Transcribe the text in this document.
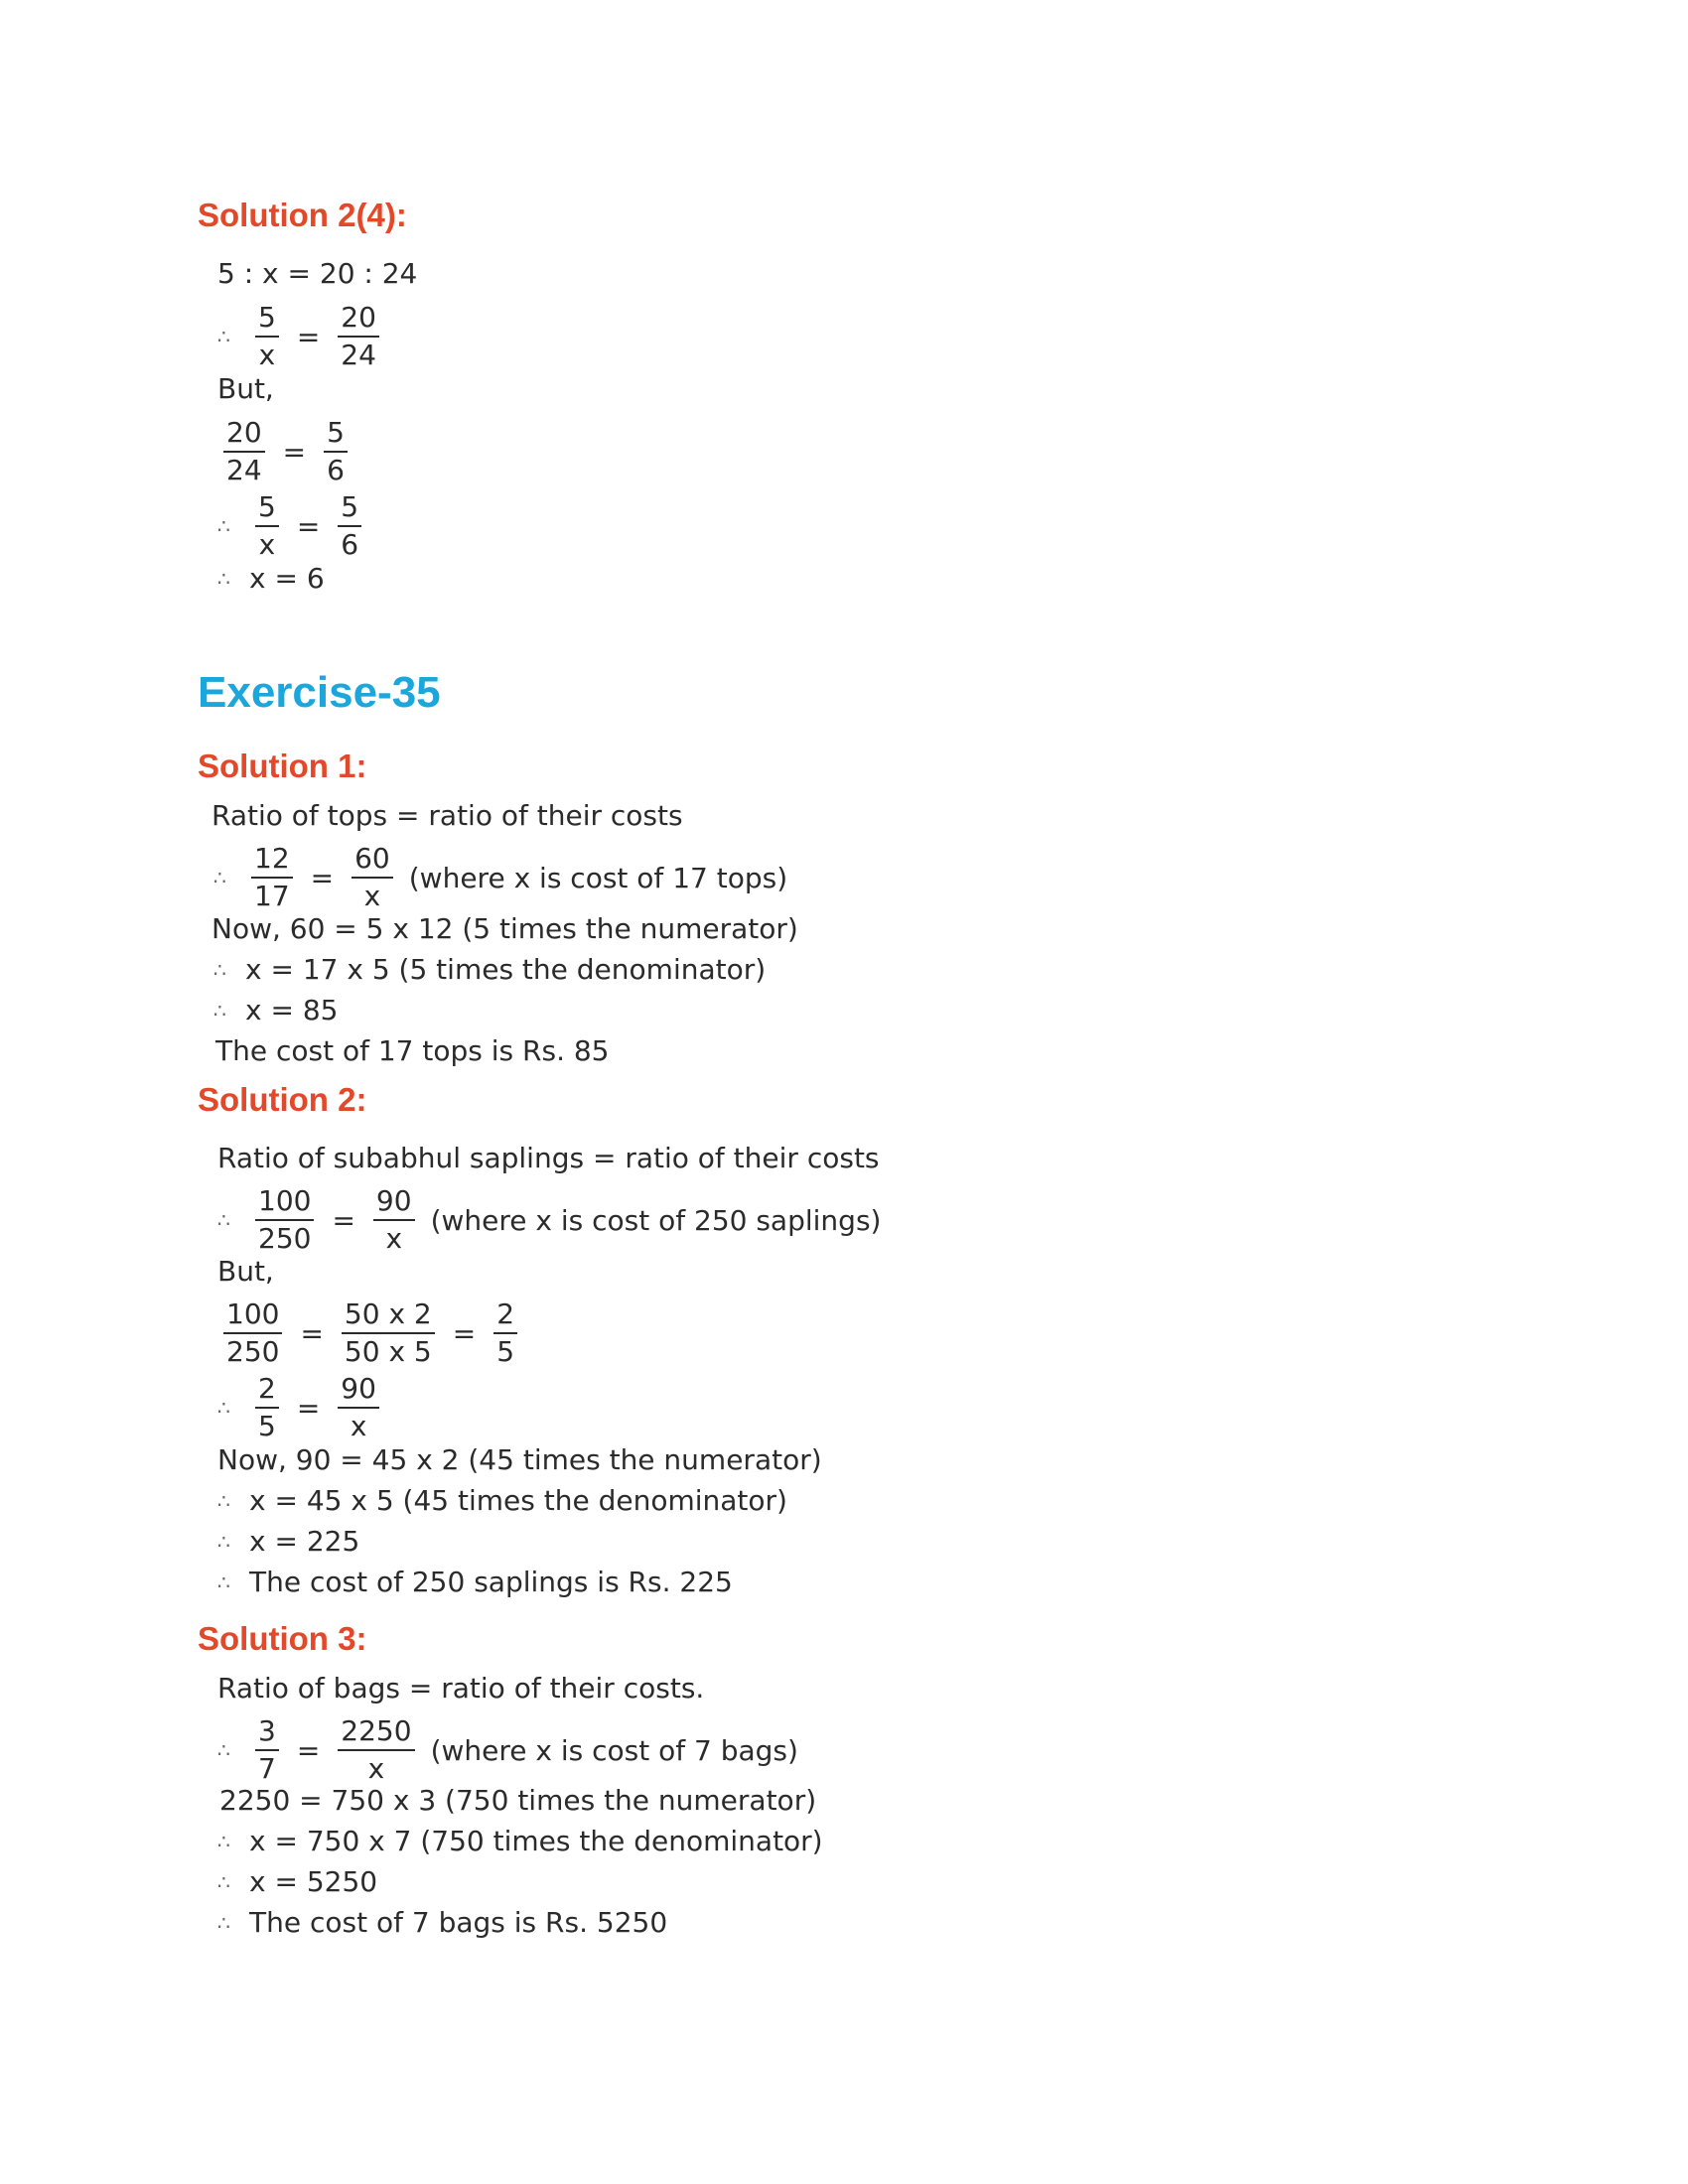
Solution 2(4):
5 : x = 20 : 24
∴ $\frac{5}{x} = \frac{20}{24}$
But,
$\frac{20}{24} = \frac{5}{6}$
∴ $\frac{5}{x} = \frac{5}{6}$
∴ x = 6
Exercise-35
Solution 1:
Ratio of tops = ratio of their costs
∴ $\frac{12}{17} = \frac{60}{x}$ (where x is cost of 17 tops)
Now, 60 = 5 x 12 (5 times the numerator)
∴ x = 17 x 5 (5 times the denominator)
∴ x = 85
The cost of 17 tops is Rs. 85
Solution 2:
Ratio of subabhul saplings = ratio of their costs
∴ $\frac{100}{250} = \frac{90}{x}$ (where x is cost of 250 saplings)
But,
$\frac{100}{250} = \frac{50 x 2}{50 x 5} = \frac{2}{5}$
∴ $\frac{2}{5} = \frac{90}{x}$
Now, 90 = 45 x 2 (45 times the numerator)
∴ x = 45 x 5 (45 times the denominator)
∴ x = 225
∴ The cost of 250 saplings is Rs. 225
Solution 3:
Ratio of bags = ratio of their costs.
∴ $\frac{3}{7} = \frac{2250}{x}$ (where x is cost of 7 bags)
2250 = 750 x 3 (750 times the numerator)
∴ x = 750 x 7 (750 times the denominator)
∴ x = 5250
∴ The cost of 7 bags is Rs. 5250
